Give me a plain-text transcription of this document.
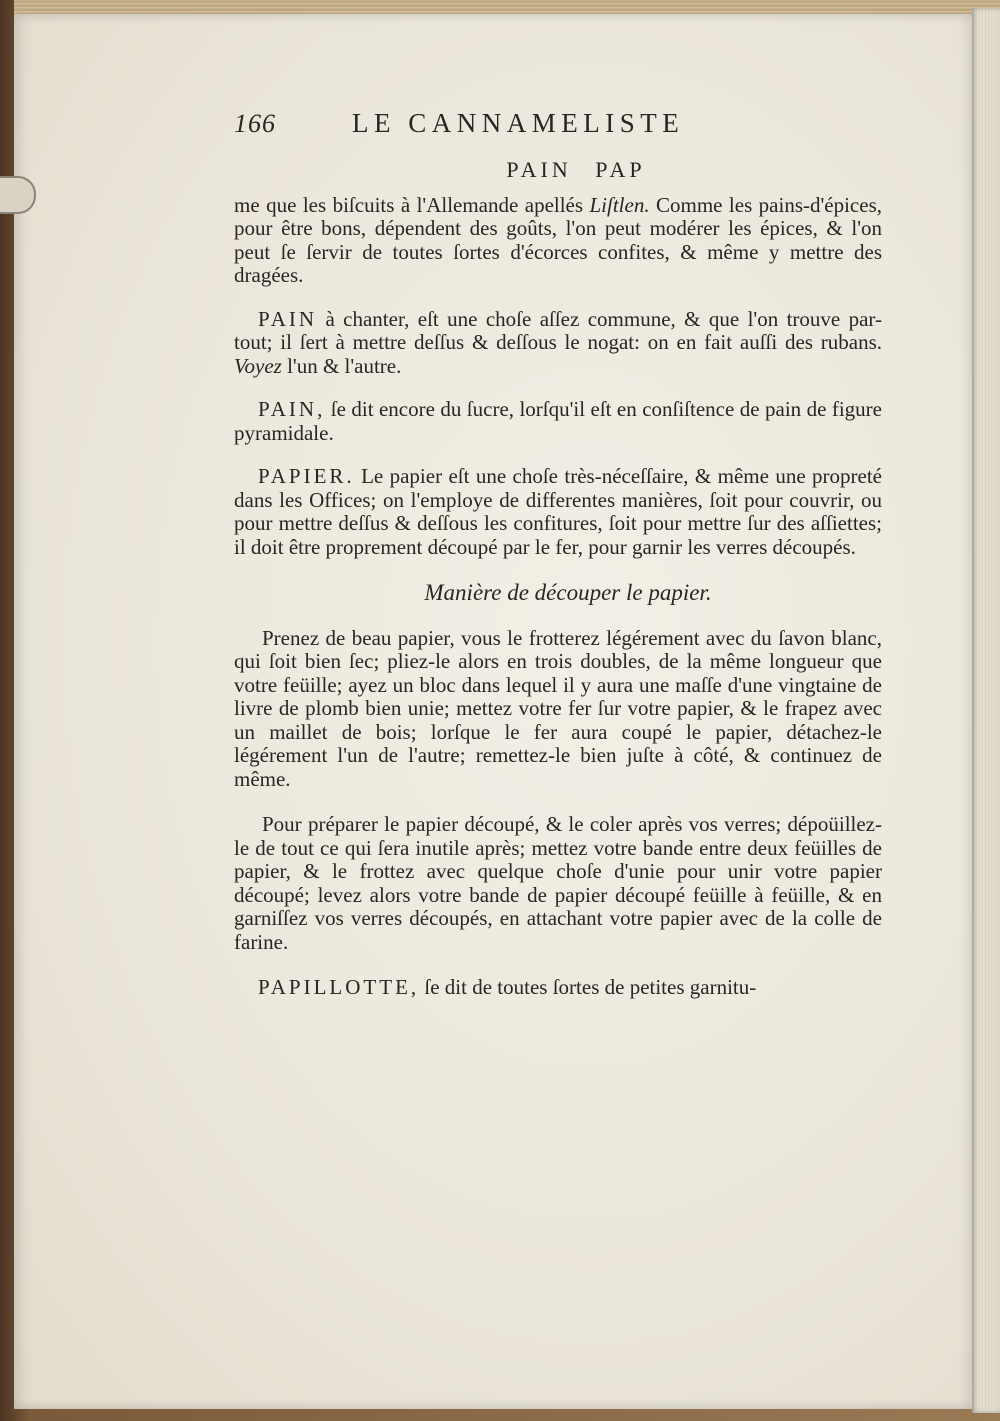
166	LE CANNAMELISTE
PAIN PAP

me que les biſcuits à l'Allemande apellés Liſtlen. Comme les pains-d'épices, pour être bons, dépendent des goûts, l'on peut modérer les épices, & l'on peut ſe ſervir de toutes ſortes d'écorces confites, & même y mettre des dragées.

PAIN à chanter, eſt une choſe aſſez commune, & que l'on trouve par-tout; il ſert à mettre deſſus & deſſous le nogat: on en fait auſſi des rubans. Voyez l'un & l'autre.

PAIN, ſe dit encore du ſucre, lorſqu'il eſt en conſiſtence de pain de figure pyramidale.

PAPIER. Le papier eſt une choſe très-néceſſaire, & même une propreté dans les Offices; on l'employe de differentes manières, ſoit pour couvrir, ou pour mettre deſſus & deſſous les confitures, ſoit pour mettre ſur des aſſiettes; il doit être proprement découpé par le fer, pour garnir les verres découpés.

Manière de découper le papier.

Prenez de beau papier, vous le frotterez légérement avec du ſavon blanc, qui ſoit bien ſec; pliez-le alors en trois doubles, de la même longueur que votre feüille; ayez un bloc dans lequel il y aura une maſſe d'une vingtaine de livre de plomb bien unie; mettez votre fer ſur votre papier, & le frapez avec un maillet de bois; lorſque le fer aura coupé le papier, détachez-le légérement l'un de l'autre; remettez-le bien juſte à côté, & continuez de même.

Pour préparer le papier découpé, & le coler après vos verres; dépoüillez-le de tout ce qui ſera inutile après; mettez votre bande entre deux feüilles de papier, & le frottez avec quelque choſe d'unie pour unir votre papier découpé; levez alors votre bande de papier découpé feüille à feüille, & en garniſſez vos verres découpés, en attachant votre papier avec de la colle de farine.

PAPILLOTTE, ſe dit de toutes ſortes de petites garnitu-
